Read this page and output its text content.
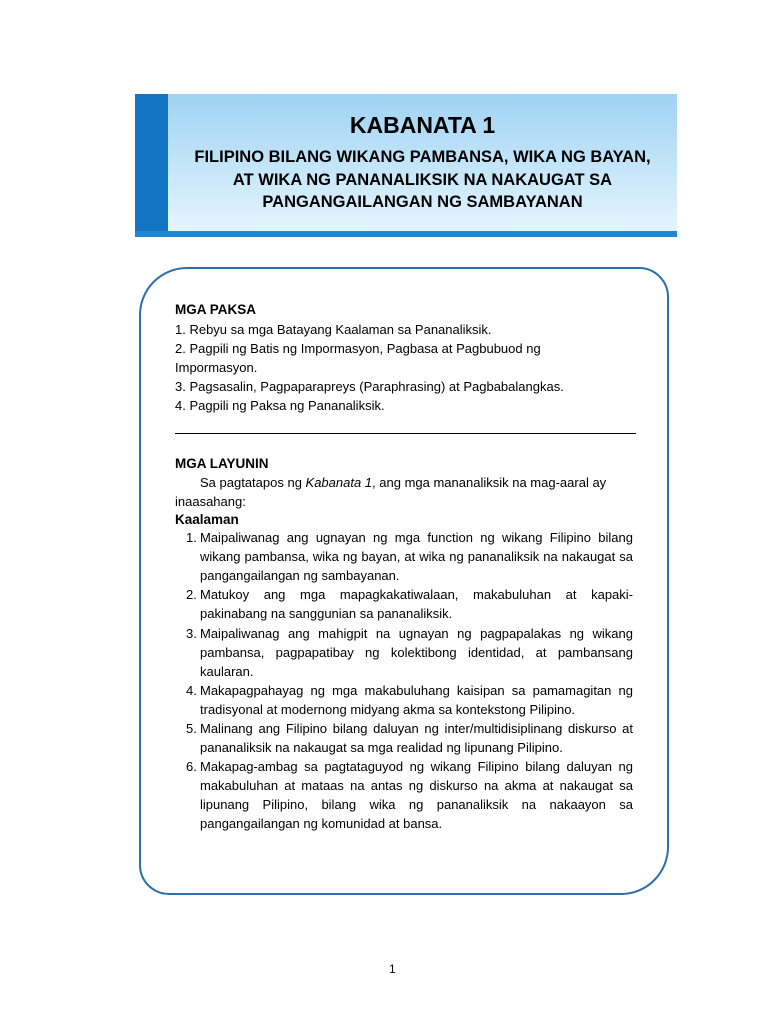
KABANATA 1
FILIPINO BILANG WIKANG PAMBANSA, WIKA NG BAYAN,
AT WIKA NG PANANALIKSIK NA NAKAUGAT SA
PANGANGAILANGAN NG SAMBAYANAN
MGA PAKSA
1. Rebyu sa mga Batayang Kaalaman sa Pananaliksik.
2. Pagpili ng Batis ng Impormasyon, Pagbasa at Pagbubuod ng
Impormasyon.
3. Pagsasalin, Pagpaparapreys (Paraphrasing) at Pagbabalangkas.
4. Pagpili ng Paksa ng Pananaliksik.
MGA LAYUNIN
Sa pagtatapos ng Kabanata 1, ang mga mananaliksik na mag-aaral ay
inaasahang:
Kaalaman
1. Maipaliwanag ang ugnayan ng mga function ng wikang Filipino bilang wikang pambansa, wika ng bayan, at wika ng pananaliksik na nakaugat sa pangangailangan ng sambayanan.
2. Matukoy ang mga mapagkakatiwalaan, makabuluhan at kapaki-pakinabang na sanggunian sa pananaliksik.
3. Maipaliwanag ang mahigpit na ugnayan ng pagpapalakas ng wikang pambansa, pagpapatibay ng kolektibong identidad, at pambansang kaularan.
4. Makapagpahayag ng mga makabuluhang kaisipan sa pamamagitan ng tradisyonal at modernong midyang akma sa kontekstong Pilipino.
5. Malinang ang Filipino bilang daluyan ng inter/multidisiplinang diskurso at pananaliksik na nakaugat sa mga realidad ng lipunang Pilipino.
6. Makapag-ambag sa pagtataguyod ng wikang Filipino bilang daluyan ng makabuluhan at mataas na antas ng diskurso na akma at nakaugat sa lipunang Pilipino, bilang wika ng pananaliksik na nakaayon sa pangangailangan ng komunidad at bansa.
1
